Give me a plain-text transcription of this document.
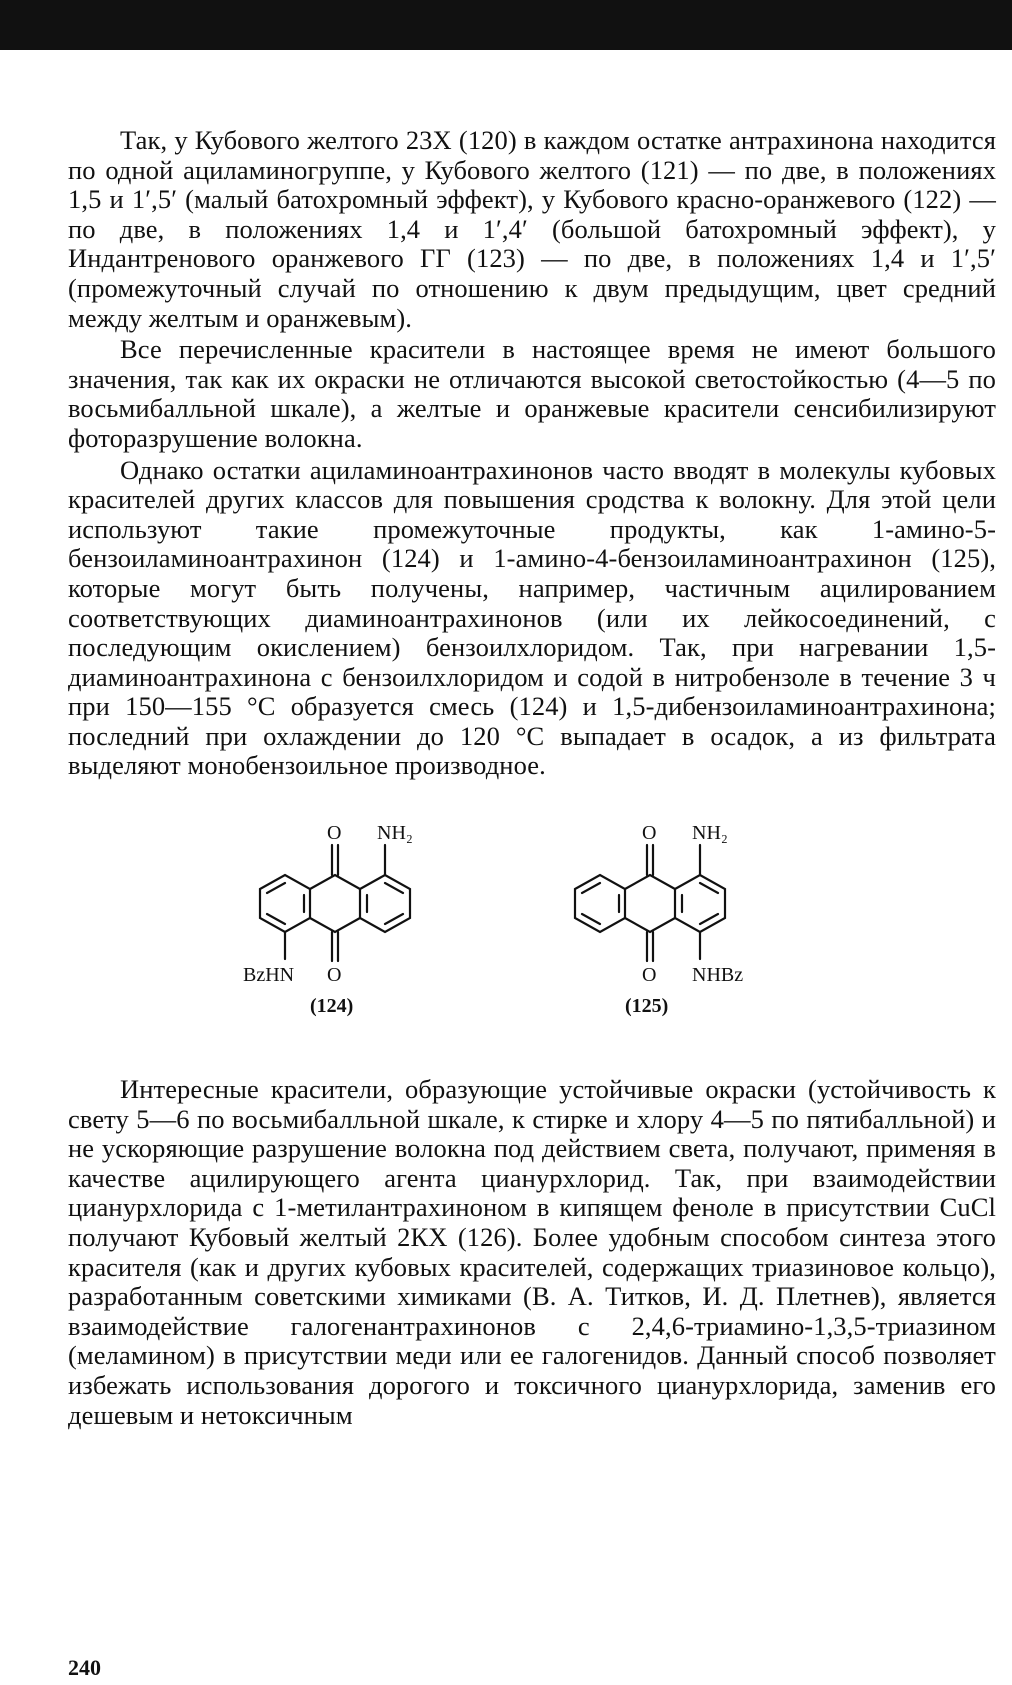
Так, у Кубового желтого 23Х (120) в каждом остатке антрахинона находится по одной ациламиногруппе, у Кубового желтого (121) — по две, в положениях 1,5 и 1′,5′ (малый батохромный эффект), у Кубового красно-оранжевого (122) — по две, в положениях 1,4 и 1′,4′ (большой батохромный эффект), у Индантренового оранжевого ГГ (123) — по две, в положениях 1,4 и 1′,5′ (промежуточный случай по отношению к двум предыдущим, цвет средний между желтым и оранжевым).

Все перечисленные красители в настоящее время не имеют большого значения, так как их окраски не отличаются высокой светостойкостью (4—5 по восьмибалльной шкале), а желтые и оранжевые красители сенсибилизируют фоторазрушение волокна.

Однако остатки ациламиноантрахинонов часто вводят в молекулы кубовых красителей других классов для повышения сродства к волокну. Для этой цели используют такие промежуточные продукты, как 1-амино-5-бензоиламиноантрахинон (124) и 1-амино-4-бензоиламиноантрахинон (125), которые могут быть получены, например, частичным ацилированием соответствующих диаминоантрахинонов (или их лейкосоединений, с последующим окислением) бензоилхлоридом. Так, при нагревании 1,5-диаминоантрахинона с бензоилхлоридом и содой в нитробензоле в течение 3 ч при 150—155 °С образуется смесь (124) и 1,5-дибензоиламиноантрахинона; последний при охлаждении до 120 °С выпадает в осадок, а из фильтрата выделяют монобензоильное производное.

O NH₂
BzHN O
(124)
O NH₂
O NHBz
(125)

Интересные красители, образующие устойчивые окраски (устойчивость к свету 5—6 по восьмибалльной шкале, к стирке и хлору 4—5 по пятибалльной) и не ускоряющие разрушение волокна под действием света, получают, применяя в качестве ацилирующего агента цианурхлорид. Так, при взаимодействии цианурхлорида с 1-метилантрахиноном в кипящем феноле в присутствии CuCl получают Кубовый желтый 2КХ (126). Более удобным способом синтеза этого красителя (как и других кубовых красителей, содержащих триазиновое кольцо), разработанным советскими химиками (В. А. Титков, И. Д. Плетнев), является взаимодействие галогенантрахинонов с 2,4,6-триамино-1,3,5-триазином (меламином) в присутствии меди или ее галогенидов. Данный способ позволяет избежать использования дорогого и токсичного цианурхлорида, заменив его дешевым и нетоксичным

240
